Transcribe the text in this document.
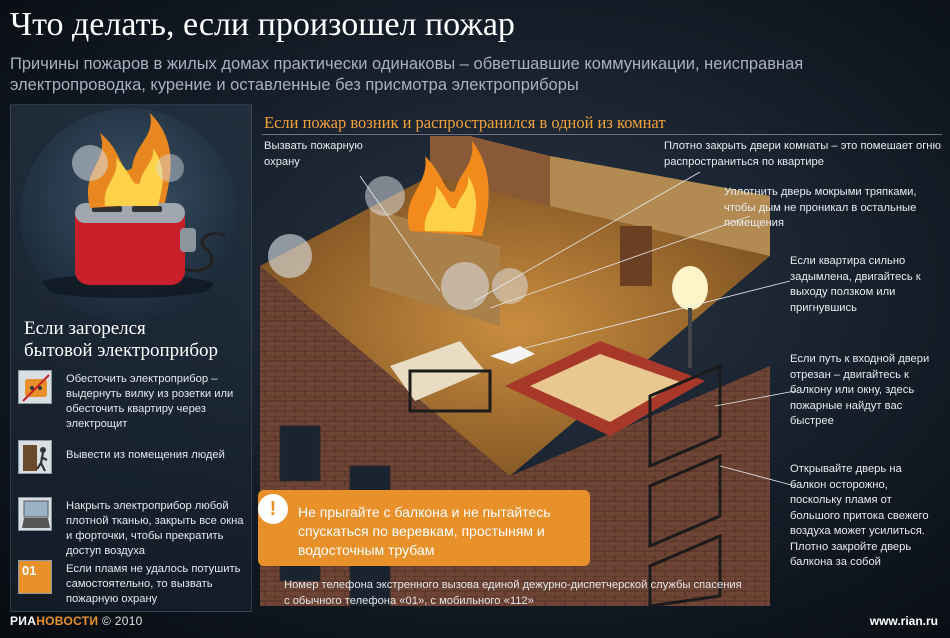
Что делать, если произошел пожар
Причины пожаров в жилых домах практически одинаковы – обветшавшие коммуникации, неисправная электропроводка, курение и оставленные без присмотра электроприборы
Если загорелся
бытовой электроприбор
Обесточить электроприбор – выдернуть вилку из розетки или обесточить квартиру через электрощит
Вывести из помещения людей
Накрыть электроприбор любой плотной тканью, закрыть все окна и форточки, чтобы прекратить доступ воздуха
01	Если пламя не удалось потушить самостоятельно, то вызвать пожарную охрану
Если пожар возник и распространился в одной из комнат
Вызвать пожарную охрану
Плотно закрыть двери комнаты – это помешает огню распространиться по квартире
Уплотнить дверь мокрыми тряпками, чтобы дым не проникал в остальные помещения
Если квартира сильно задымлена, двигайтесь к выходу ползком или пригнувшись
Если путь к входной двери отрезан – двигайтесь к балкону или окну, здесь пожарные найдут вас быстрее
Открывайте дверь на балкон осторожно, поскольку пламя от большого притока свежего воздуха может усилиться. Плотно закройте дверь балкона за собой
!	Не прыгайте с балкона и не пытайтесь спускаться по веревкам, простыням и водосточным трубам
Номер телефона экстренного вызова единой дежурно-диспетчерской службы спасения с обычного телефона «01», с мобильного «112»
РИАНОВОСТИ © 2010	www.rian.ru
